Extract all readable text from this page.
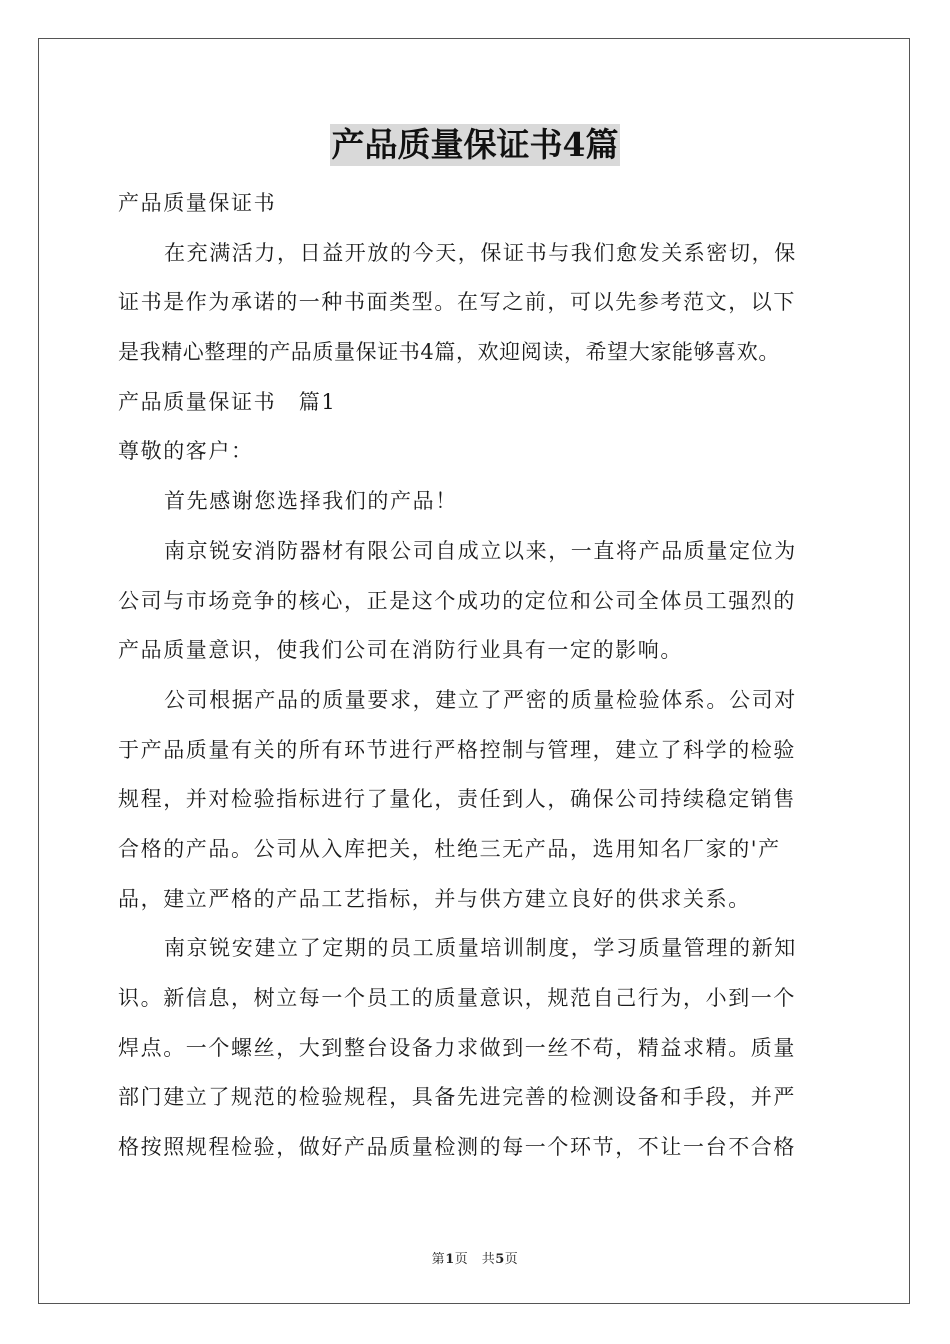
产品质量保证书4篇
产品质量保证书
在充满活力，日益开放的今天，保证书与我们愈发关系密切，保
证书是作为承诺的一种书面类型。在写之前，可以先参考范文，以下
是我精心整理的产品质量保证书4篇，欢迎阅读，希望大家能够喜欢。
产品质量保证书　篇1
尊敬的客户：
首先感谢您选择我们的产品！
南京锐安消防器材有限公司自成立以来，一直将产品质量定位为
公司与市场竞争的核心，正是这个成功的定位和公司全体员工强烈的
产品质量意识，使我们公司在消防行业具有一定的影响。
公司根据产品的质量要求，建立了严密的质量检验体系。公司对
于产品质量有关的所有环节进行严格控制与管理，建立了科学的检验
规程，并对检验指标进行了量化，责任到人，确保公司持续稳定销售
合格的产品。公司从入库把关，杜绝三无产品，选用知名厂家的'产
品，建立严格的产品工艺指标，并与供方建立良好的供求关系。
南京锐安建立了定期的员工质量培训制度，学习质量管理的新知
识。新信息，树立每一个员工的质量意识，规范自己行为，小到一个
焊点。一个螺丝，大到整台设备力求做到一丝不苟，精益求精。质量
部门建立了规范的检验规程，具备先进完善的检测设备和手段，并严
格按照规程检验，做好产品质量检测的每一个环节，不让一台不合格
第1页　共5页
